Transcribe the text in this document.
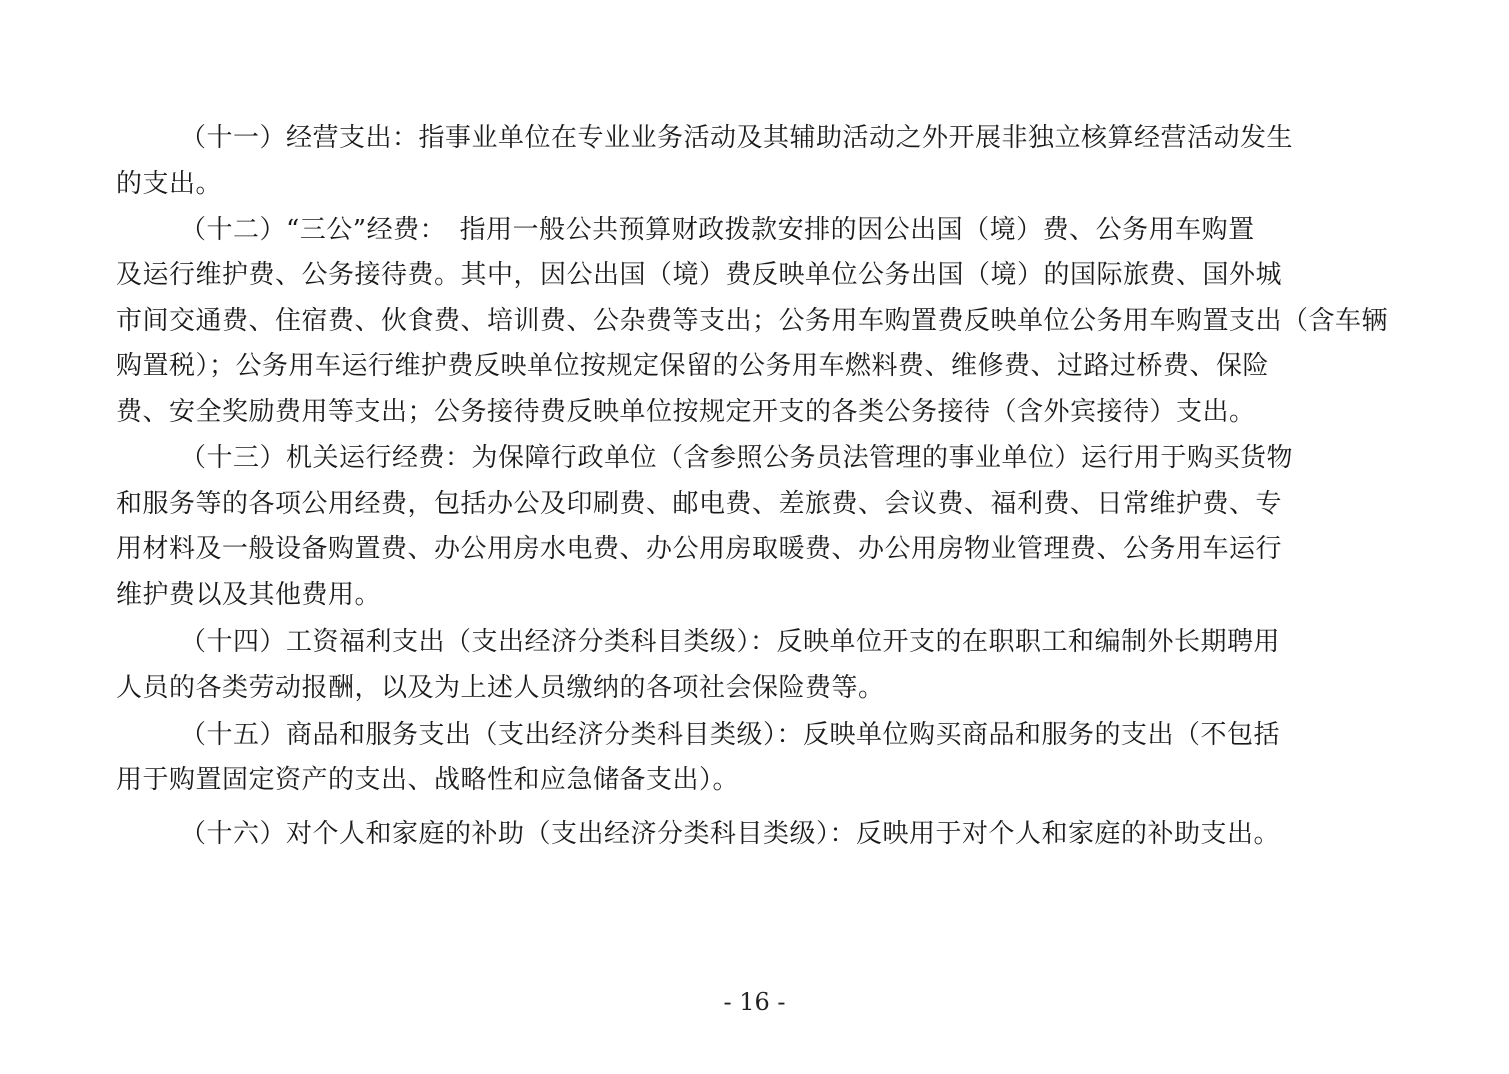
（十一）经营支出：指事业单位在专业业务活动及其辅助活动之外开展非独立核算经营活动发生

的支出。

（十二）“三公”经费：　指用一般公共预算财政拨款安排的因公出国（境）费、公务用车购置

及运行维护费、公务接待费。其中，因公出国（境）费反映单位公务出国（境）的国际旅费、国外城

市间交通费、住宿费、伙食费、培训费、公杂费等支出；公务用车购置费反映单位公务用车购置支出（含车辆

购置税）；公务用车运行维护费反映单位按规定保留的公务用车燃料费、维修费、过路过桥费、保险

费、安全奖励费用等支出；公务接待费反映单位按规定开支的各类公务接待（含外宾接待）支出。

（十三）机关运行经费：为保障行政单位（含参照公务员法管理的事业单位）运行用于购买货物

和服务等的各项公用经费，包括办公及印刷费、邮电费、差旅费、会议费、福利费、日常维护费、专

用材料及一般设备购置费、办公用房水电费、办公用房取暖费、办公用房物业管理费、公务用车运行

维护费以及其他费用。

（十四）工资福利支出（支出经济分类科目类级）：反映单位开支的在职职工和编制外长期聘用

人员的各类劳动报酬，以及为上述人员缴纳的各项社会保险费等。

（十五）商品和服务支出（支出经济分类科目类级）：反映单位购买商品和服务的支出（不包括

用于购置固定资产的支出、战略性和应急储备支出）。

（十六）对个人和家庭的补助（支出经济分类科目类级）：反映用于对个人和家庭的补助支出。

- 16 -
